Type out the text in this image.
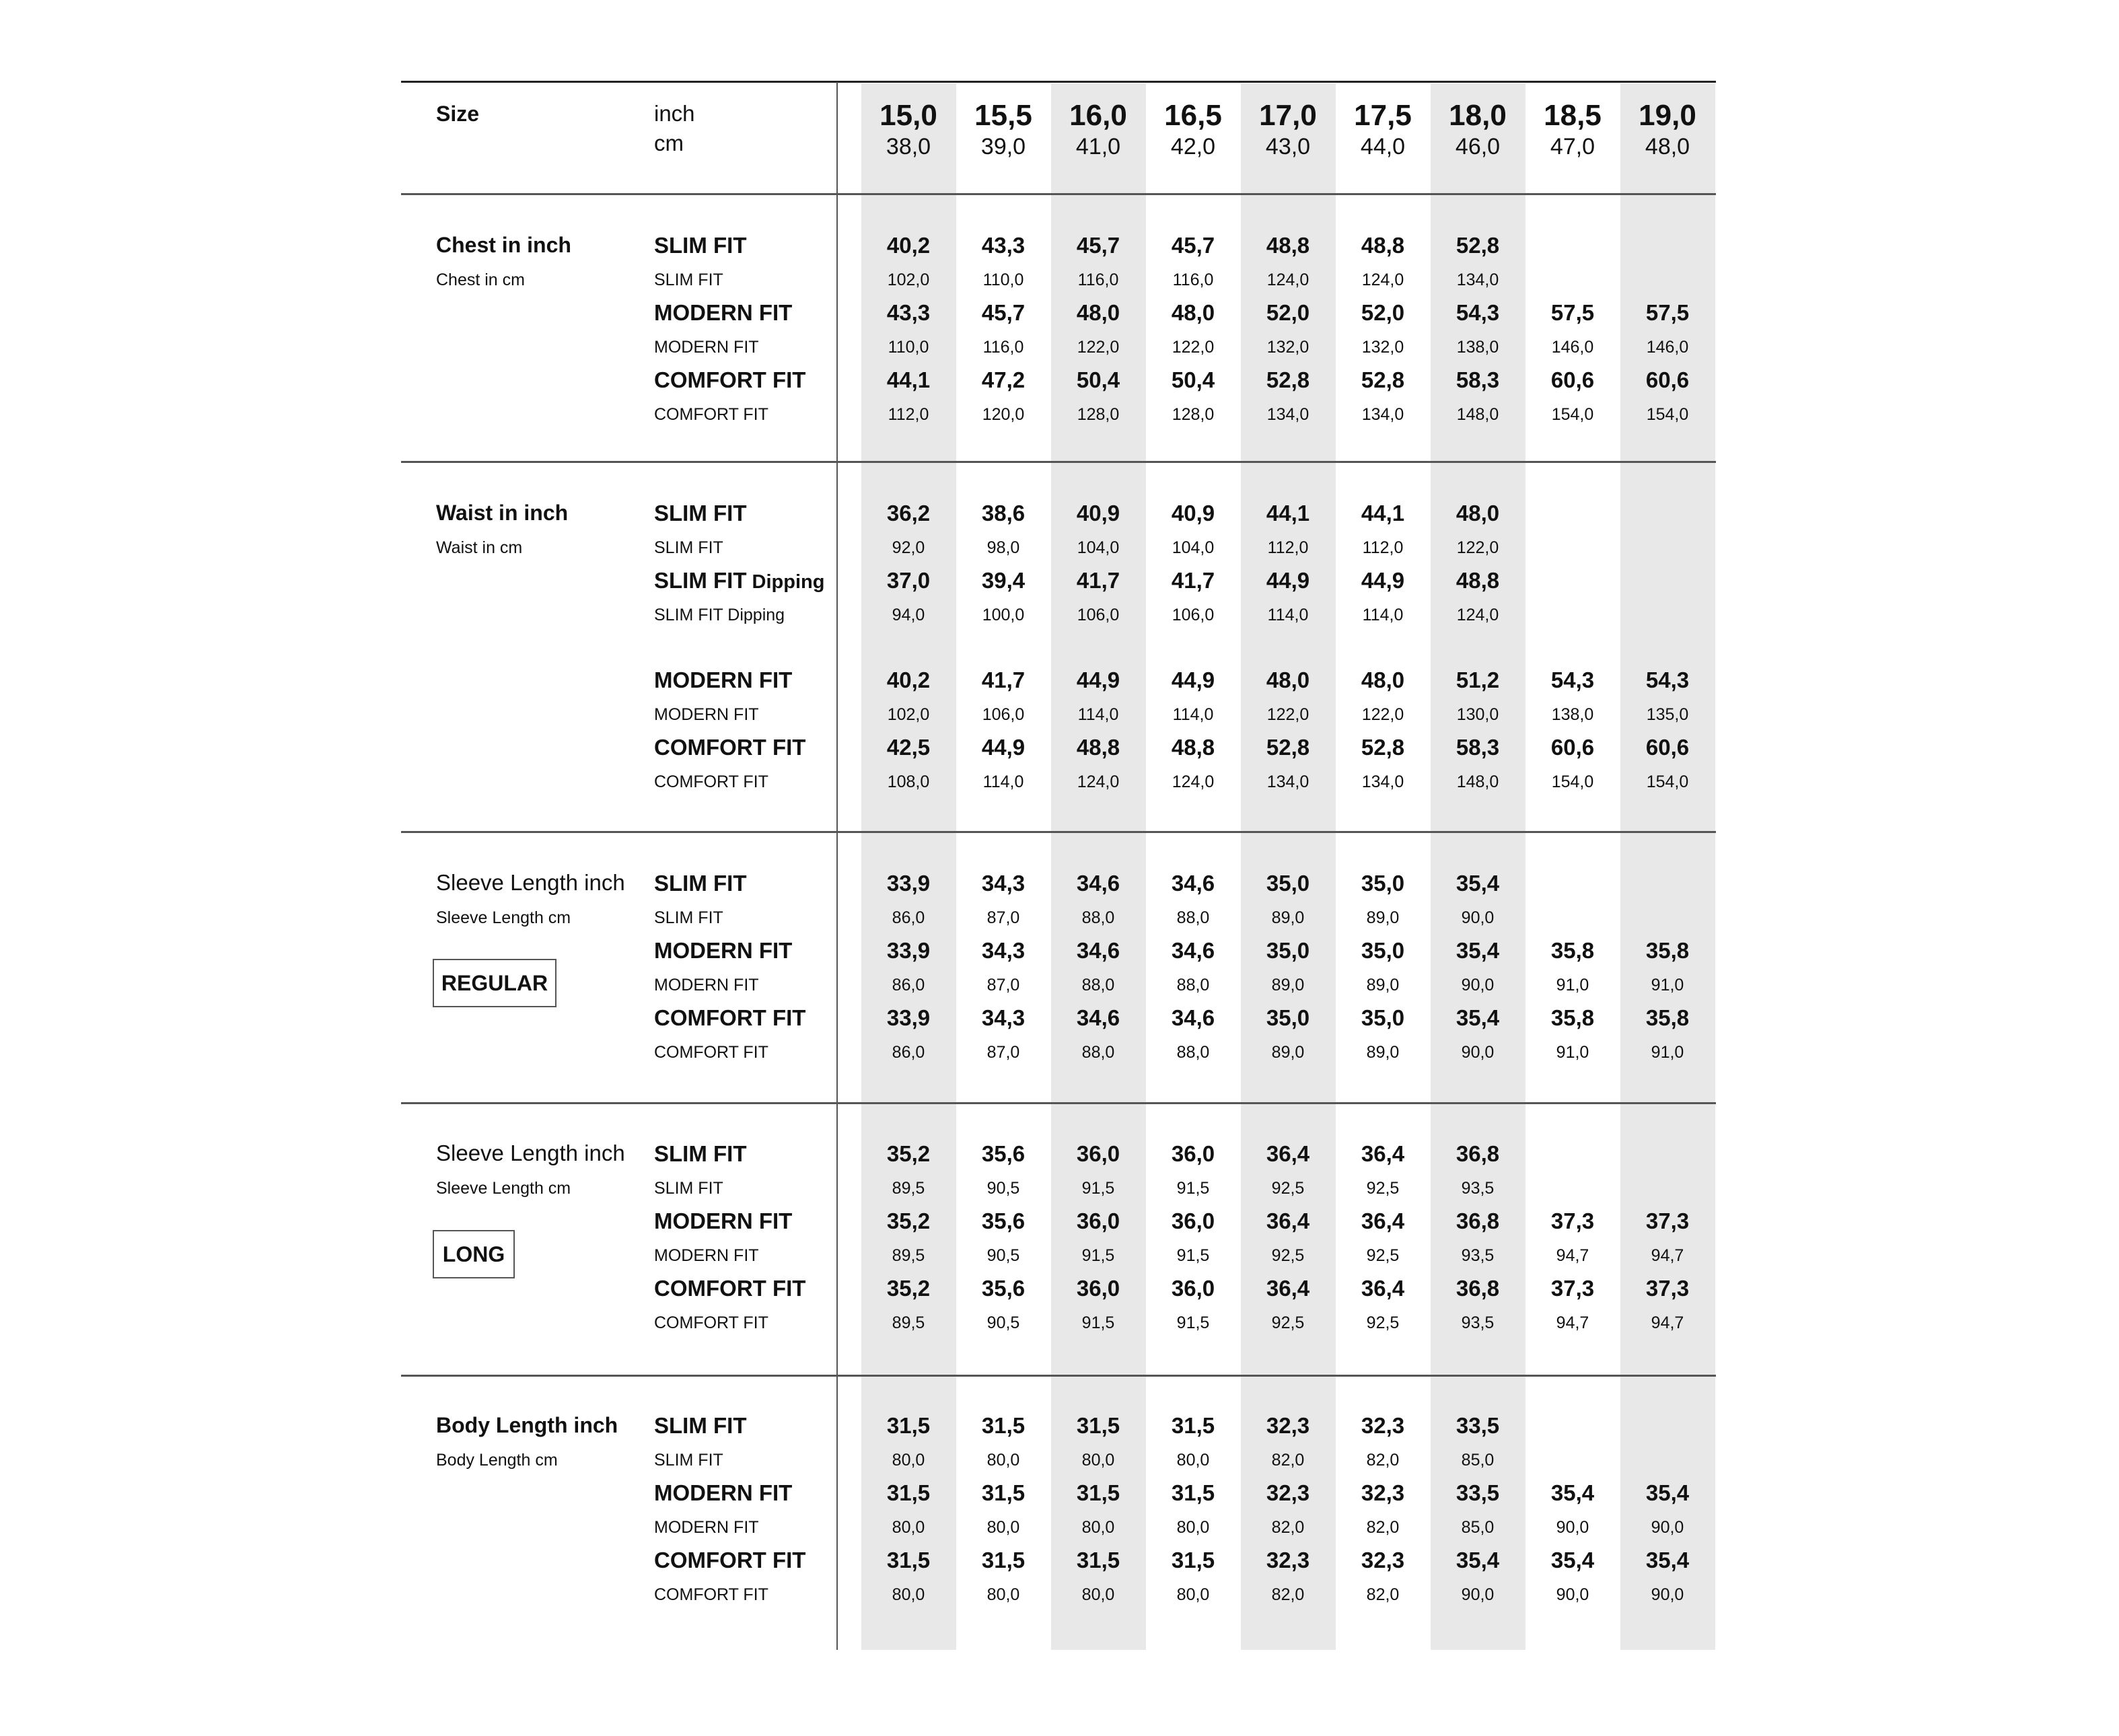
Size	inch
cm
15,0 15,5 16,0 16,5 17,0 17,5 18,0 18,5 19,0
38,0 39,0 41,0 42,0 43,0 44,0 46,0 47,0 48,0
Chest in inch
Chest in cm
SLIM FIT	40,2 43,3 45,7 45,7 48,8 48,8 52,8
SLIM FIT	102,0	110,0	116,0	116,0	124,0	124,0	134,0
MODERN FIT	43,3 45,7 48,0 48,0 52,0 52,0 54,3 57,5 57,5
MODERN FIT	110,0	116,0	122,0	122,0	132,0	132,0	138,0	146,0	146,0
COMFORT FIT	44,1 47,2 50,4 50,4 52,8 52,8 58,3 60,6 60,6
COMFORT FIT	112,0	120,0	128,0	128,0	134,0	134,0	148,0	154,0	154,0
Waist in inch
Waist in cm
SLIM FIT	36,2 38,6 40,9 40,9 44,1 44,1 48,0
SLIM FIT	92,0	98,0	104,0	104,0	112,0	112,0	122,0
SLIM FIT Dipping	37,0 39,4 41,7 41,7 44,9 44,9 48,8
SLIM FIT Dipping	94,0	100,0	106,0	106,0	114,0	114,0	124,0
MODERN FIT	40,2 41,7 44,9 44,9 48,0 48,0 51,2 54,3 54,3
MODERN FIT	102,0	106,0	114,0	114,0	122,0	122,0	130,0	138,0	135,0
COMFORT FIT	42,5 44,9 48,8 48,8 52,8 52,8 58,3 60,6 60,6
COMFORT FIT	108,0	114,0	124,0	124,0	134,0	134,0	148,0	154,0	154,0
Sleeve Length inch
Sleeve Length cm
REGULAR
SLIM FIT	33,9 34,3 34,6 34,6 35,0 35,0 35,4
SLIM FIT	86,0	87,0	88,0	88,0	89,0	89,0	90,0
MODERN FIT	33,9 34,3 34,6 34,6 35,0 35,0 35,4 35,8 35,8
MODERN FIT	86,0	87,0	88,0	88,0	89,0	89,0	90,0	91,0	91,0
COMFORT FIT	33,9 34,3 34,6 34,6 35,0 35,0 35,4 35,8 35,8
COMFORT FIT	86,0	87,0	88,0	88,0	89,0	89,0	90,0	91,0	91,0
Sleeve Length inch
Sleeve Length cm
LONG
SLIM FIT	35,2 35,6 36,0 36,0 36,4 36,4 36,8
SLIM FIT	89,5	90,5	91,5	91,5	92,5	92,5	93,5
MODERN FIT	35,2 35,6 36,0 36,0 36,4 36,4 36,8 37,3 37,3
MODERN FIT	89,5	90,5	91,5	91,5	92,5	92,5	93,5	94,7	94,7
COMFORT FIT	35,2 35,6 36,0 36,0 36,4 36,4 36,8 37,3 37,3
COMFORT FIT	89,5	90,5	91,5	91,5	92,5	92,5	93,5	94,7	94,7
Body Length inch
Body Length cm
SLIM FIT	31,5 31,5 31,5 31,5 32,3 32,3 33,5
SLIM FIT	80,0	80,0	80,0	80,0	82,0	82,0	85,0
MODERN FIT	31,5 31,5 31,5 31,5 32,3 32,3 33,5 35,4 35,4
MODERN FIT	80,0	80,0	80,0	80,0	82,0	82,0	85,0	90,0	90,0
COMFORT FIT	31,5 31,5 31,5 31,5 32,3 32,3 35,4 35,4 35,4
COMFORT FIT	80,0	80,0	80,0	80,0	82,0	82,0	90,0	90,0	90,0
